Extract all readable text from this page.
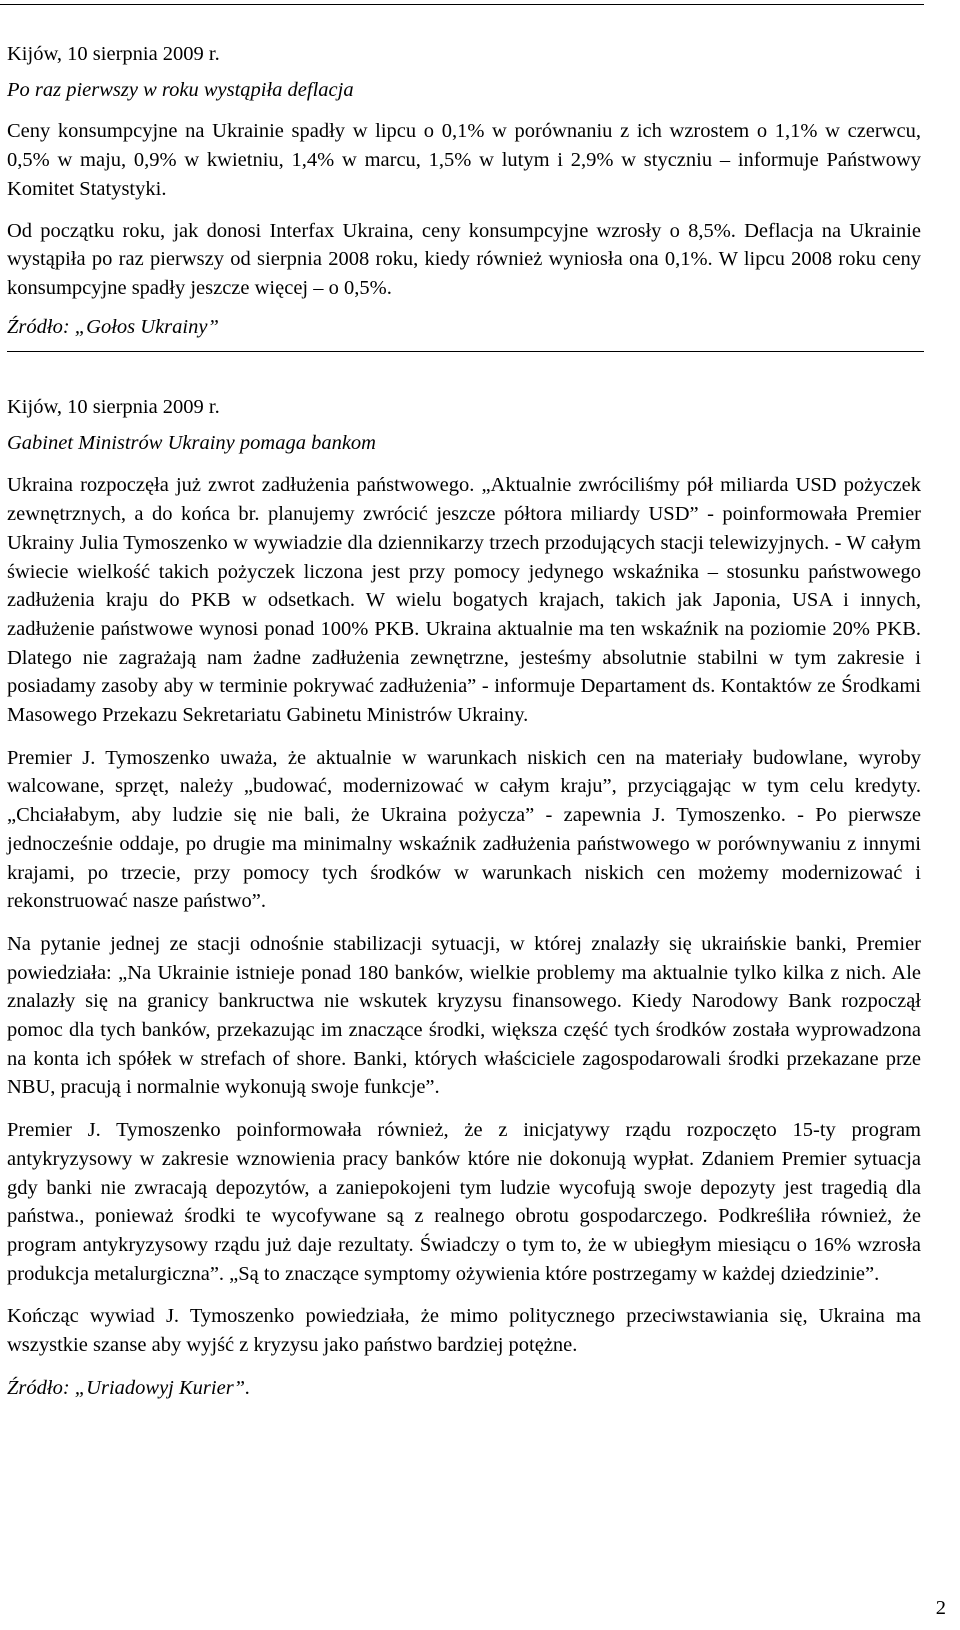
Kijów, 10 sierpnia 2009 r.

Po raz pierwszy w roku wystąpiła deflacja

Ceny konsumpcyjne na Ukrainie spadły w lipcu o 0,1% w porównaniu z ich wzrostem o 1,1% w czerwcu, 0,5% w maju, 0,9% w kwietniu, 1,4% w marcu, 1,5% w lutym i 2,9% w styczniu – informuje Państwowy Komitet Statystyki.

Od początku roku, jak donosi Interfax Ukraina, ceny konsumpcyjne wzrosły o 8,5%. Deflacja na Ukrainie wystąpiła po raz pierwszy od sierpnia 2008 roku, kiedy również wyniosła ona 0,1%. W lipcu 2008 roku ceny konsumpcyjne spadły jeszcze więcej – o 0,5%.

Źródło: „Gołos Ukrainy”

Kijów, 10 sierpnia 2009 r.

Gabinet Ministrów Ukrainy pomaga bankom

Ukraina rozpoczęła już zwrot zadłużenia państwowego. „Aktualnie zwróciliśmy pół miliarda USD pożyczek zewnętrznych, a do końca br. planujemy zwrócić jeszcze półtora miliardy USD” - poinformowała Premier Ukrainy Julia Tymoszenko w wywiadzie dla dziennikarzy trzech przodujących stacji telewizyjnych. - W całym świecie wielkość takich pożyczek liczona jest przy pomocy jedynego wskaźnika – stosunku państwowego zadłużenia kraju do PKB w odsetkach. W wielu bogatych krajach, takich jak Japonia, USA i innych, zadłużenie państwowe wynosi ponad 100% PKB. Ukraina aktualnie ma ten wskaźnik na poziomie 20% PKB. Dlatego nie zagrażają nam żadne zadłużenia zewnętrzne, jesteśmy absolutnie stabilni w tym zakresie i posiadamy zasoby aby w terminie pokrywać zadłużenia” - informuje Departament ds. Kontaktów ze Środkami Masowego Przekazu Sekretariatu Gabinetu Ministrów Ukrainy.

Premier J. Tymoszenko uważa, że aktualnie w warunkach niskich cen na materiały budowlane, wyroby walcowane, sprzęt, należy „budować, modernizować w całym kraju”, przyciągając w tym celu kredyty. „Chciałabym, aby ludzie się nie bali, że Ukraina pożycza” - zapewnia J. Tymoszenko. - Po pierwsze jednocześnie oddaje, po drugie ma minimalny wskaźnik zadłużenia państwowego w porównywaniu z innymi krajami, po trzecie, przy pomocy tych środków w warunkach niskich cen możemy modernizować i rekonstruować nasze państwo”.

Na pytanie jednej ze stacji odnośnie stabilizacji sytuacji, w której znalazły się ukraińskie banki, Premier powiedziała: „Na Ukrainie istnieje ponad 180 banków, wielkie problemy ma aktualnie tylko kilka z nich. Ale znalazły się na granicy bankructwa nie wskutek kryzysu finansowego. Kiedy Narodowy Bank rozpoczął pomoc dla tych banków, przekazując im znaczące środki, większa część tych środków została wyprowadzona na konta ich spółek w strefach of shore. Banki, których właściciele zagospodarowali środki przekazane prze NBU, pracują i normalnie wykonują swoje funkcje”.

Premier J. Tymoszenko poinformowała również, że z inicjatywy rządu rozpoczęto 15-ty program antykryzysowy w zakresie wznowienia pracy banków które nie dokonują wypłat. Zdaniem Premier sytuacja gdy banki nie zwracają depozytów, a zaniepokojeni tym ludzie wycofują swoje depozyty jest tragedią dla państwa., ponieważ środki te wycofywane są z realnego obrotu gospodarczego. Podkreśliła również, że program antykryzysowy rządu już daje rezultaty. Świadczy o tym to, że w ubiegłym miesiącu o 16% wzrosła produkcja metalurgiczna”. „Są to znaczące symptomy ożywienia które postrzegamy w każdej dziedzinie”.

Kończąc wywiad J. Tymoszenko powiedziała, że mimo politycznego przeciwstawiania się, Ukraina ma wszystkie szanse aby wyjść z kryzysu jako państwo bardziej potężne.

Źródło: „Uriadowyj Kurier”.

2
